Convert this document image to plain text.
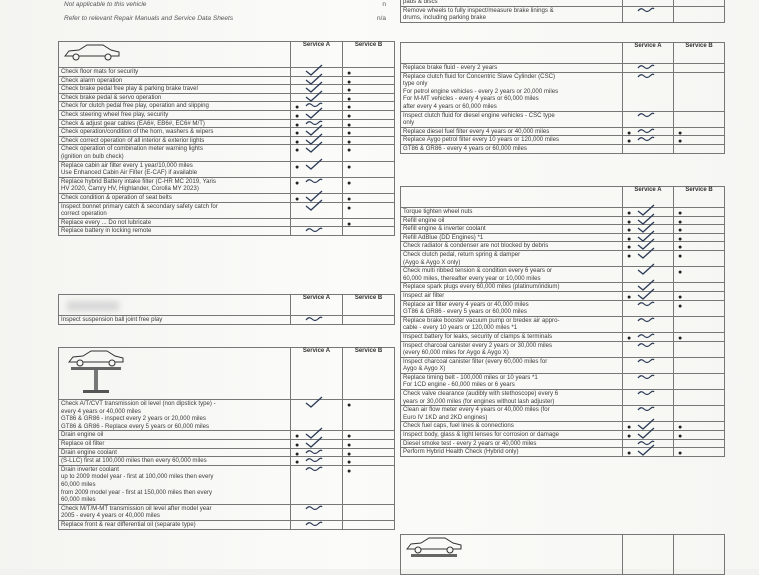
Not applicable to this vehicle	n
Refer to relevant Repair Manuals and Service Data Sheets	n/a
	Service A	Service B

Check floor mats for security		●

Check alarm operation		●

Check brake pedal free play & parking brake travel		●

Check brake pedal & servo operation		●

Check for clutch pedal free play, operation and slipping	●	●

Check steering wheel free play, security	●	●

Check & adjust gear cables (EA6#, EB6#, EC6# M/T)	●	●

Check operation/condition of the horn, washers & wipers	●	●

Check correct operation of all interior & exterior lights	●	●

Check operation of combination meter warning lights
(ignition on bulb check)	●	●

Replace cabin air filter every 1 year/10,000 miles
Use Enhanced Cabin Air Filter (E-CAF) if available	●	●

Replace hybrid Battery intake filter (C-HR MC 2019, Yaris
HV 2020, Camry HV, Highlander, Corolla MY 2023)	●	●

Check condition & operation of seat belts	●	●

Inspect bonnet primary catch & secondary safety catch for
correct operation		●

Replace every ... Do not lubricate		●

Replace battery in locking remote

	Service A	Service B

Inspect suspension ball joint free play

	Service A	Service B

Check A/T/CVT transmission oil level (non dipstick type) -
every 4 years or 40,000 miles
GT86 & GR86 - inspect every 2 years or 20,000 miles
GT86 & GR86 - Replace every 5 years or 60,000 miles		●

Drain engine oil	●	●

Replace oil filter	●	●

Drain engine coolant	●	●

(S-LLC) first at 100,000 miles then every 60,000 miles	●	●

Drain inverter coolant
up to 2009 model year - first at 100,000 miles then every
60,000 miles
from 2009 model year - first at 150,000 miles then every
60,000 miles		●

Check M/T/M-MT transmission oil level after model year
2005 - every 4 years or 40,000 miles

Replace front & rear differential oil (separate type)

pads & discs		

Remove wheels to fully inspect/measure brake linings &
drums, including parking brake

	Service A	Service B

Replace brake fluid - every 2 years

Replace clutch fluid for Concentric Slave Cylinder (CSC)
type only
For petrol engine vehicles - every 2 years or 20,000 miles
For M-MT vehicles - every 4 years or 60,000 miles
after every 4 years or 60,000 miles

Inspect clutch fluid for diesel engine vehicles - CSC type
only

Replace diesel fuel filter every 4 years or 40,000 miles	●	●

Replace Aygo petrol filter every 10 years or 120,000 miles	●	●

GT86 & GR86 - every 4 years or 60,000 miles		

	Service A	Service B

Torque tighten wheel nuts	●	●

Refill engine oil	●	●

Refill engine & inverter coolant	●	●

Refill AdBlue (DD Engines) *1	●	●

Check radiator & condenser are not blocked by debris	●	●

Check clutch pedal, return spring & damper
(Aygo & Aygo X only)	●	●

Check multi ribbed tension & condition every 6 years or
60,000 miles, thereafter every year or 10,000 miles		●

Replace spark plugs every 60,000 miles (platinum/iridium)

Inspect air filter	●	●

Replace air filter every 4 years or 40,000 miles
GT86 & GR86 - every 5 years or 60,000 miles		●

Replace brake booster vacuum pump or bredex air appro-
cable - every 10 years or 120,000 miles *1

Inspect battery for leaks, security of clamps & terminals	●	●

Inspect charcoal canister every 2 years or 30,000 miles
(every 60,000 miles for Aygo & Aygo X)

Inspect charcoal canister filter (every 60,000 miles for
Aygo & Aygo X)

Replace timing belt - 100,000 miles or 10 years *1
For 1CD engine - 60,000 miles or 6 years

Check valve clearance (audibly with stethoscope) every 6
years or 30,000 miles (for engines without lash adjuster)

Clean air flow meter every 4 years or 40,000 miles (for
Euro IV 1KD and 2KD engines)

Check fuel caps, fuel lines & connections	●	●

Inspect body, glass & light lenses for corrosion or damage	●	●

Diesel smoke test - every 2 years or 40,000 miles

Perform Hybrid Health Check (Hybrid only)	●	●
